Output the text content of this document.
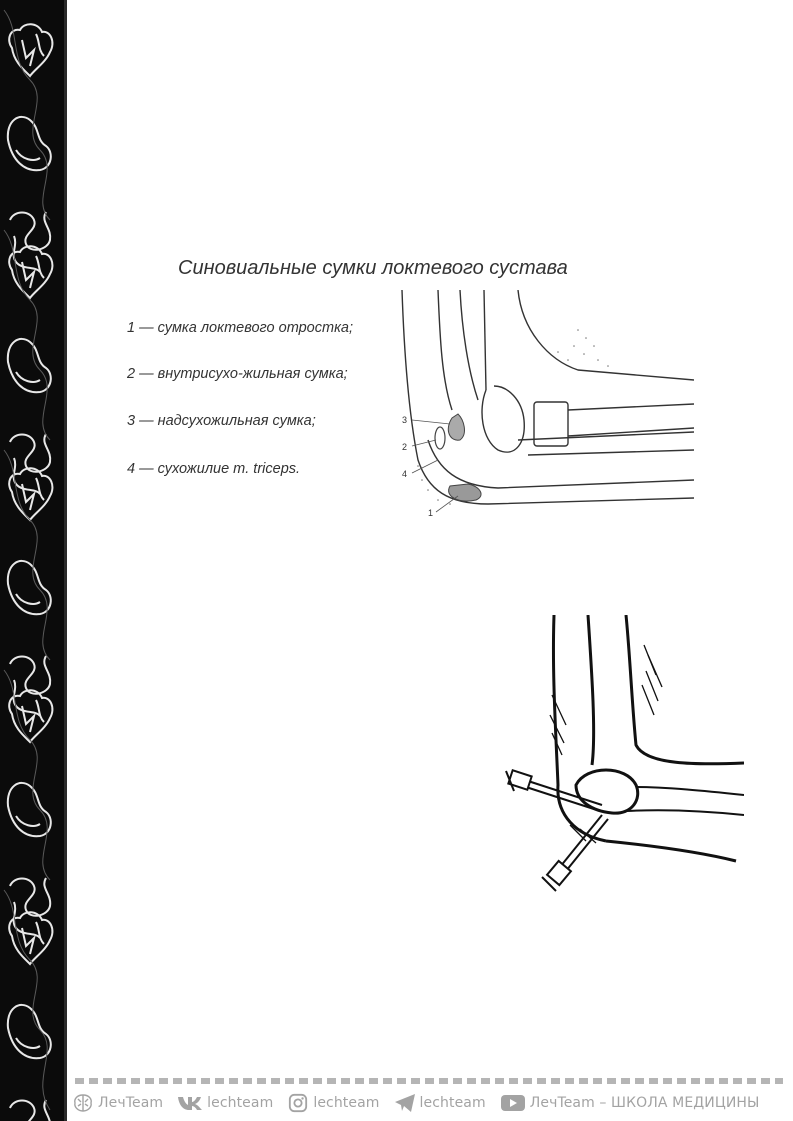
Синовиальные сумки локтевого сустава
1 — сумка локтевого отростка;
2 — внутрисухо-жильная сумка;
3 — надсухожильная сумка;
4 — сухожилие m. triceps.
3
2
4
1
ЛечTeam	lechteam	lechteam	lechteam	ЛечTeam – ШКОЛА МЕДИЦИНЫ
